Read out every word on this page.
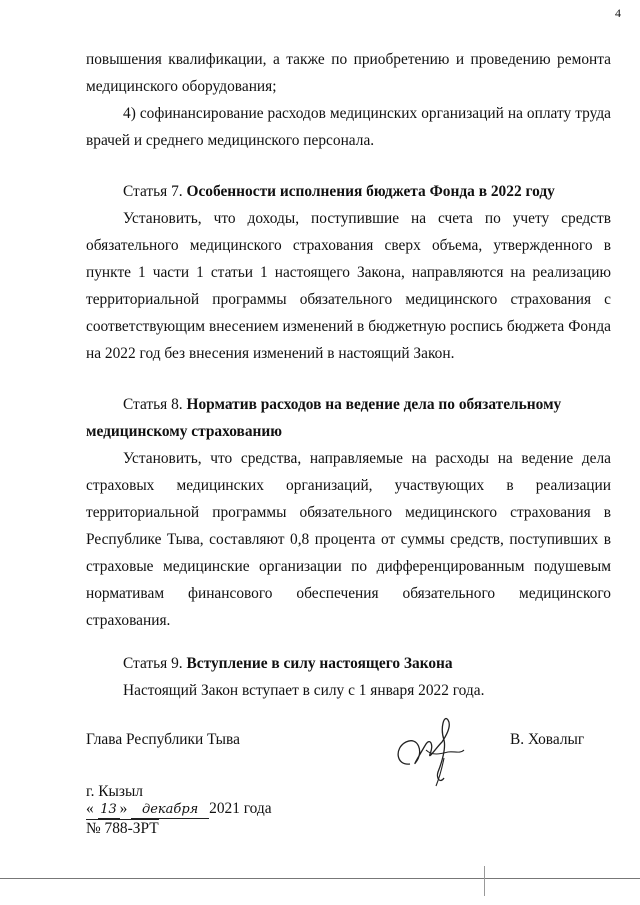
4

повышения квалификации, а также по приобретению и проведению ремонта

медицинского оборудования;

4) софинансирование расходов медицинских организаций на оплату труда

врачей и среднего медицинского персонала.

Статья 7. Особенности исполнения бюджета Фонда в 2022 году

Установить, что доходы, поступившие на счета по учету средств обязательного медицинского страхования сверх объема, утвержденного в пункте 1 части 1 статьи 1 настоящего Закона, направляются на реализацию территориальной программы обязательного медицинского страхования с соответствующим внесением изменений в бюджетную роспись бюджета Фонда на 2022 год без внесения изменений в настоящий Закон.

Статья 8. Норматив расходов на ведение дела по обязательному

медицинскому страхованию

Установить, что средства, направляемые на расходы на ведение дела страховых медицинских организаций, участвующих в реализации территориальной программы обязательного медицинского страхования в Республике Тыва, составляют 0,8 процента от суммы средств, поступивших в страховые медицинские организации по дифференцированным подушевым нормативам финансового обеспечения обязательного медицинского страхования.

Статья 9. Вступление в силу настоящего Закона

Настоящий Закон вступает в силу с 1 января 2022 года.

Глава Республики Тыва	В. Ховалыг
г. Кызыл
« 13 » декабря 2021 года
№ 788-ЗРТ
